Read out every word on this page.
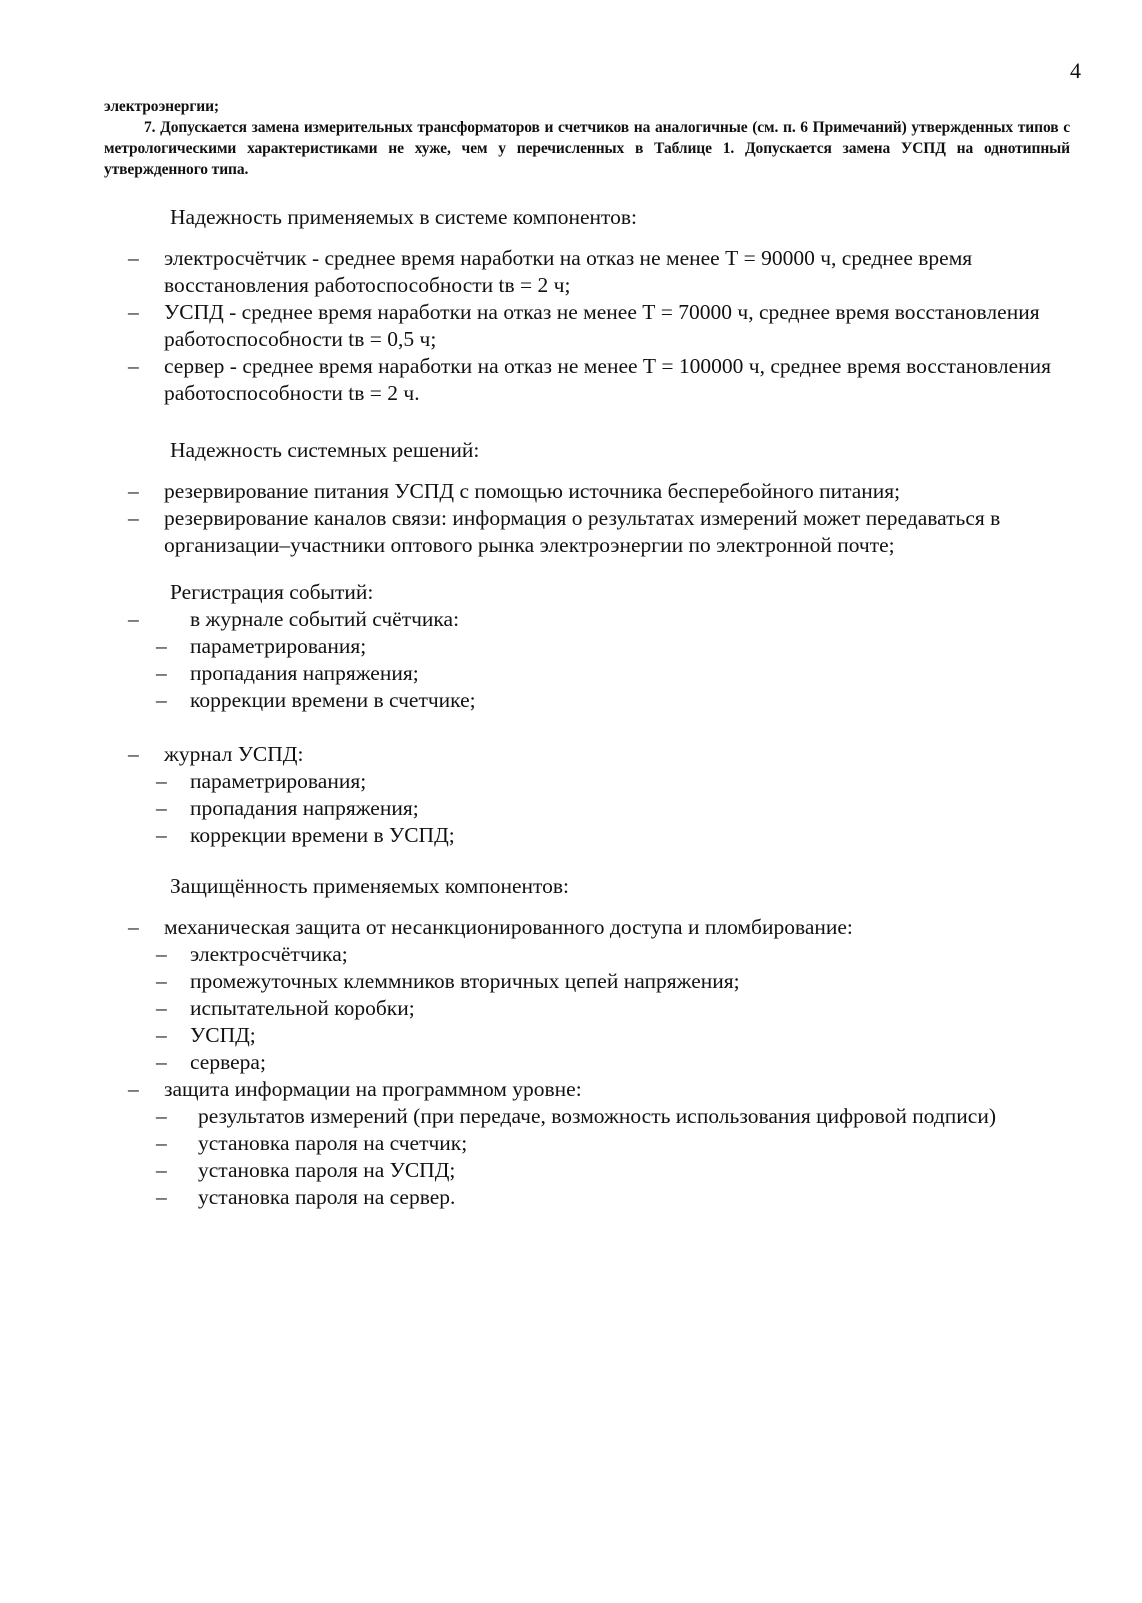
4

электроэнергии;

7. Допускается замена измерительных трансформаторов и счетчиков на аналогичные (см. п. 6 Примечаний) утвержденных типов с метрологическими характеристиками не хуже, чем у перечисленных в Таблице 1. Допускается замена УСПД на однотипный утвержденного типа.

Надежность применяемых в системе компонентов:

– электросчётчик - среднее время наработки на отказ не менее Т = 90000 ч, среднее время восстановления работоспособности tв = 2 ч;

– УСПД - среднее время наработки на отказ не менее Т = 70000 ч, среднее время восстановления работоспособности tв = 0,5 ч;

– сервер - среднее время наработки на отказ не менее Т = 100000 ч, среднее время восстановления работоспособности tв = 2 ч.

Надежность системных решений:

– резервирование питания УСПД с помощью источника бесперебойного питания;

– резервирование каналов связи: информация о результатах измерений может передаваться в организации–участники оптового рынка электроэнергии по электронной почте;

Регистрация событий:

– в журнале событий счётчика:

– параметрирования;

– пропадания напряжения;

– коррекции времени в счетчике;

– журнал УСПД:

– параметрирования;

– пропадания напряжения;

– коррекции времени в УСПД;

Защищённость применяемых компонентов:

– механическая защита от несанкционированного доступа и пломбирование:

– электросчётчика;

– промежуточных клеммников вторичных цепей напряжения;

– испытательной коробки;

– УСПД;

– сервера;

– защита информации на программном уровне:

– результатов измерений (при передаче, возможность использования цифровой подписи)

– установка пароля на счетчик;

– установка пароля на УСПД;

– установка пароля на сервер.
